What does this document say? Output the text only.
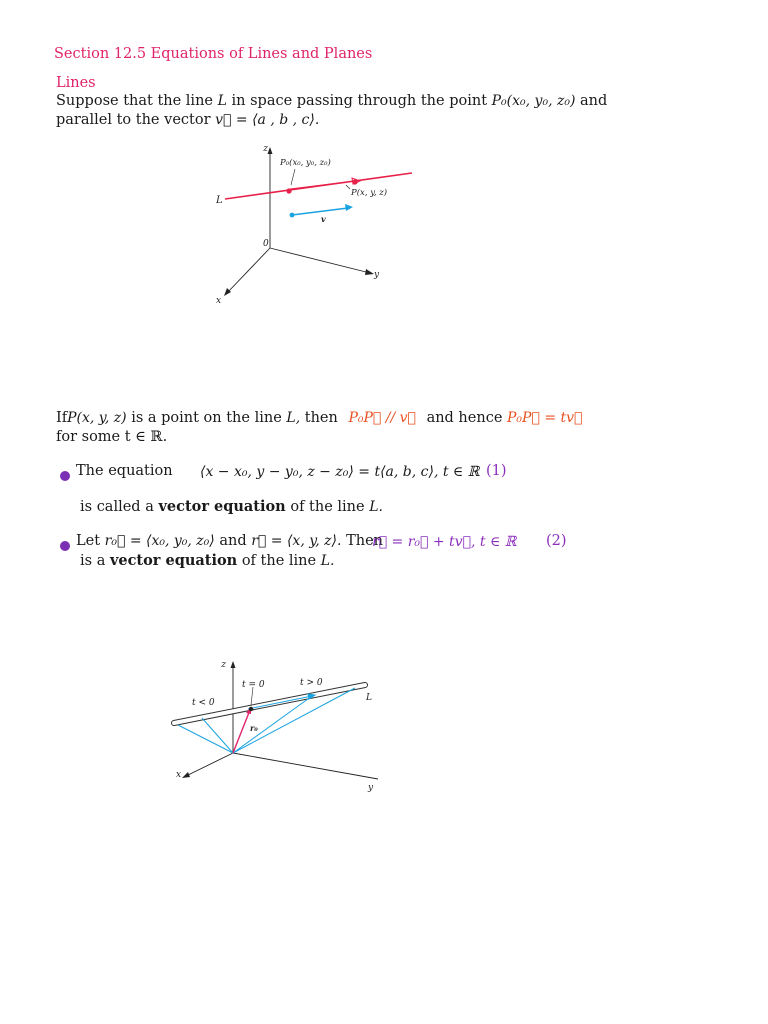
Section 12.5 Equations of Lines and Planes
Lines
Suppose that the line L in space passing through the point P₀(x₀, y₀, z₀) and
parallel to the vector v⃗ = ⟨a , b , c⟩.
z
P₀(x₀, y₀, z₀)
P(x, y, z)
L
v
0
y
x
IfP(x, y, z) is a point on the line L, then P₀P⃗ // v⃗ and hence P₀P⃗ = tv⃗
for some t ∈ ℝ.
The equation ⟨x − x₀, y − y₀, z − z₀⟩ = t⟨a, b, c⟩, t ∈ ℝ (1)
is called a vector equation of the line L.
Let r₀⃗ = ⟨x₀, y₀, z₀⟩ and r⃗ = ⟨x, y, z⟩. Then
r⃗ = r₀⃗ + tv⃗, t ∈ ℝ (2)
is a vector equation of the line L.
z
t < 0
t = 0	t > 0
L
r₀
x
y
